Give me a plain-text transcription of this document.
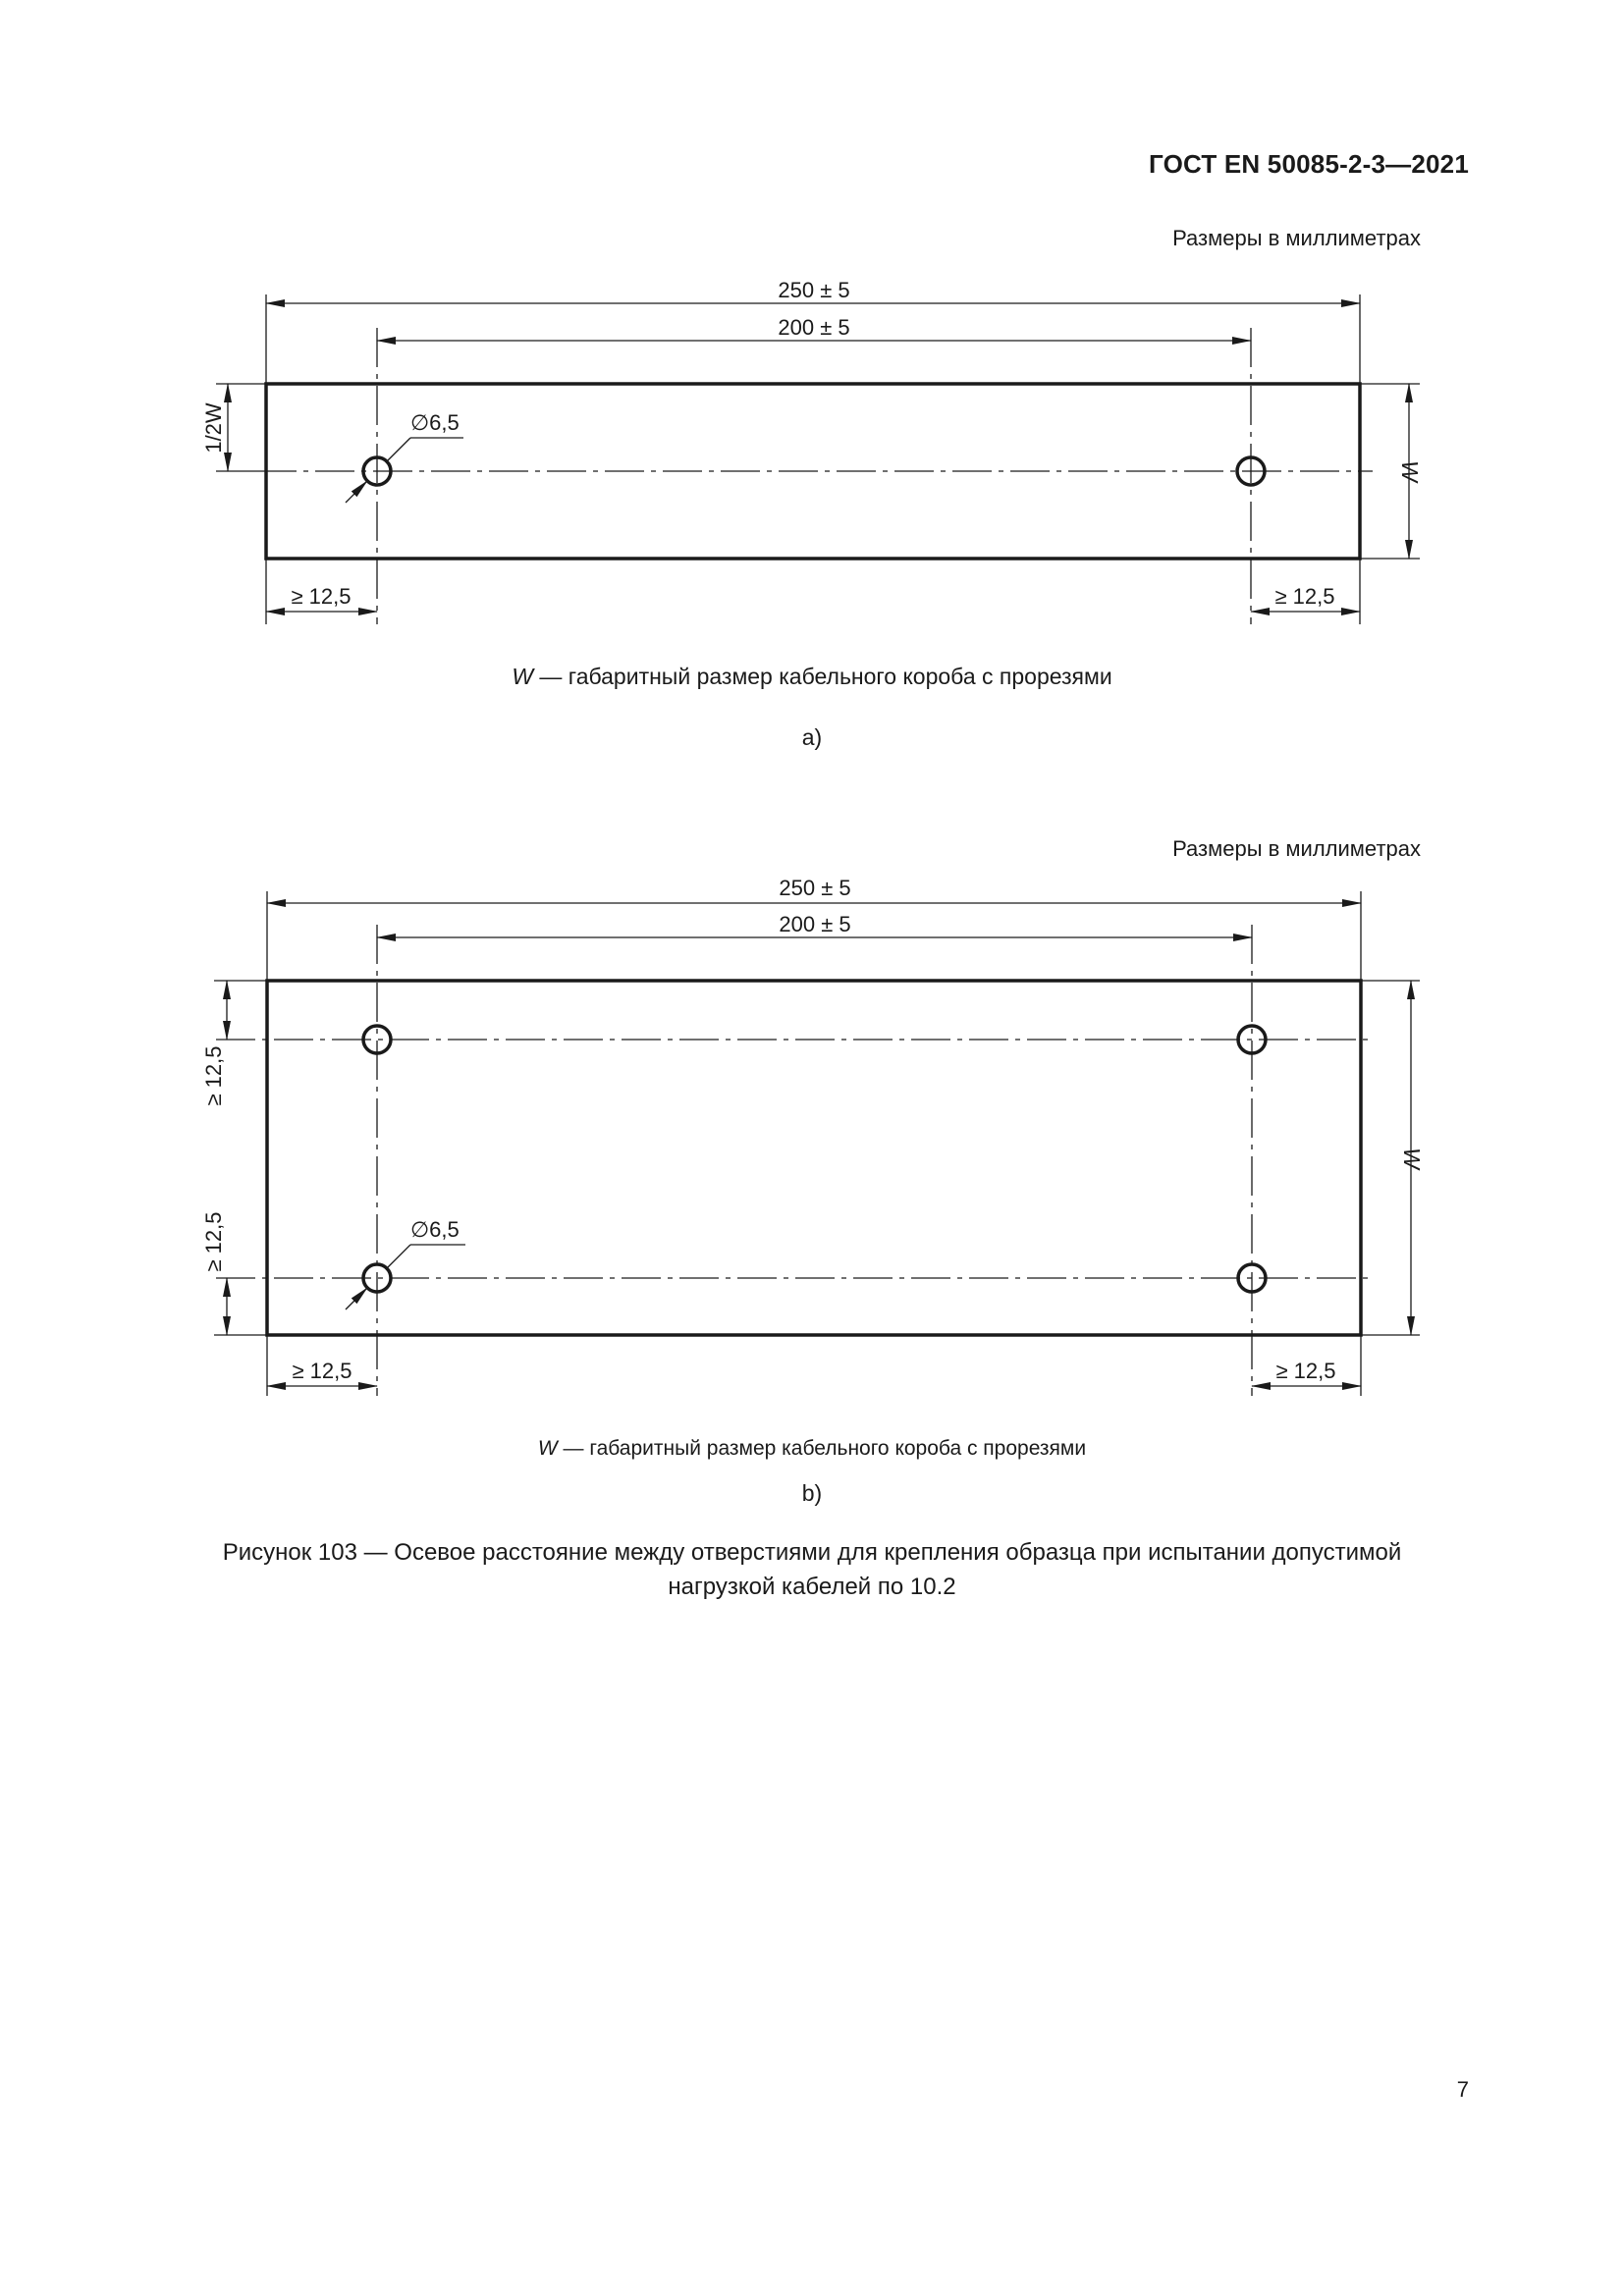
ГОСТ EN 50085-2-3—2021
Размеры в миллиметрах
W — габаритный размер кабельного короба с прорезями
a)
Размеры в миллиметрах
W — габаритный размер кабельного короба с прорезями
b)
Рисунок 103 — Осевое расстояние между отверстиями для крепления образца при испытании допустимой
нагрузкой кабелей по 10.2
7
250 ± 5
200 ± 5
1/2W
W
∅6,5
≥ 12,5	≥ 12,5
250 ± 5
200 ± 5
≥ 12,5
≥ 12,5
W
∅6,5
≥ 12,5	≥ 12,5
